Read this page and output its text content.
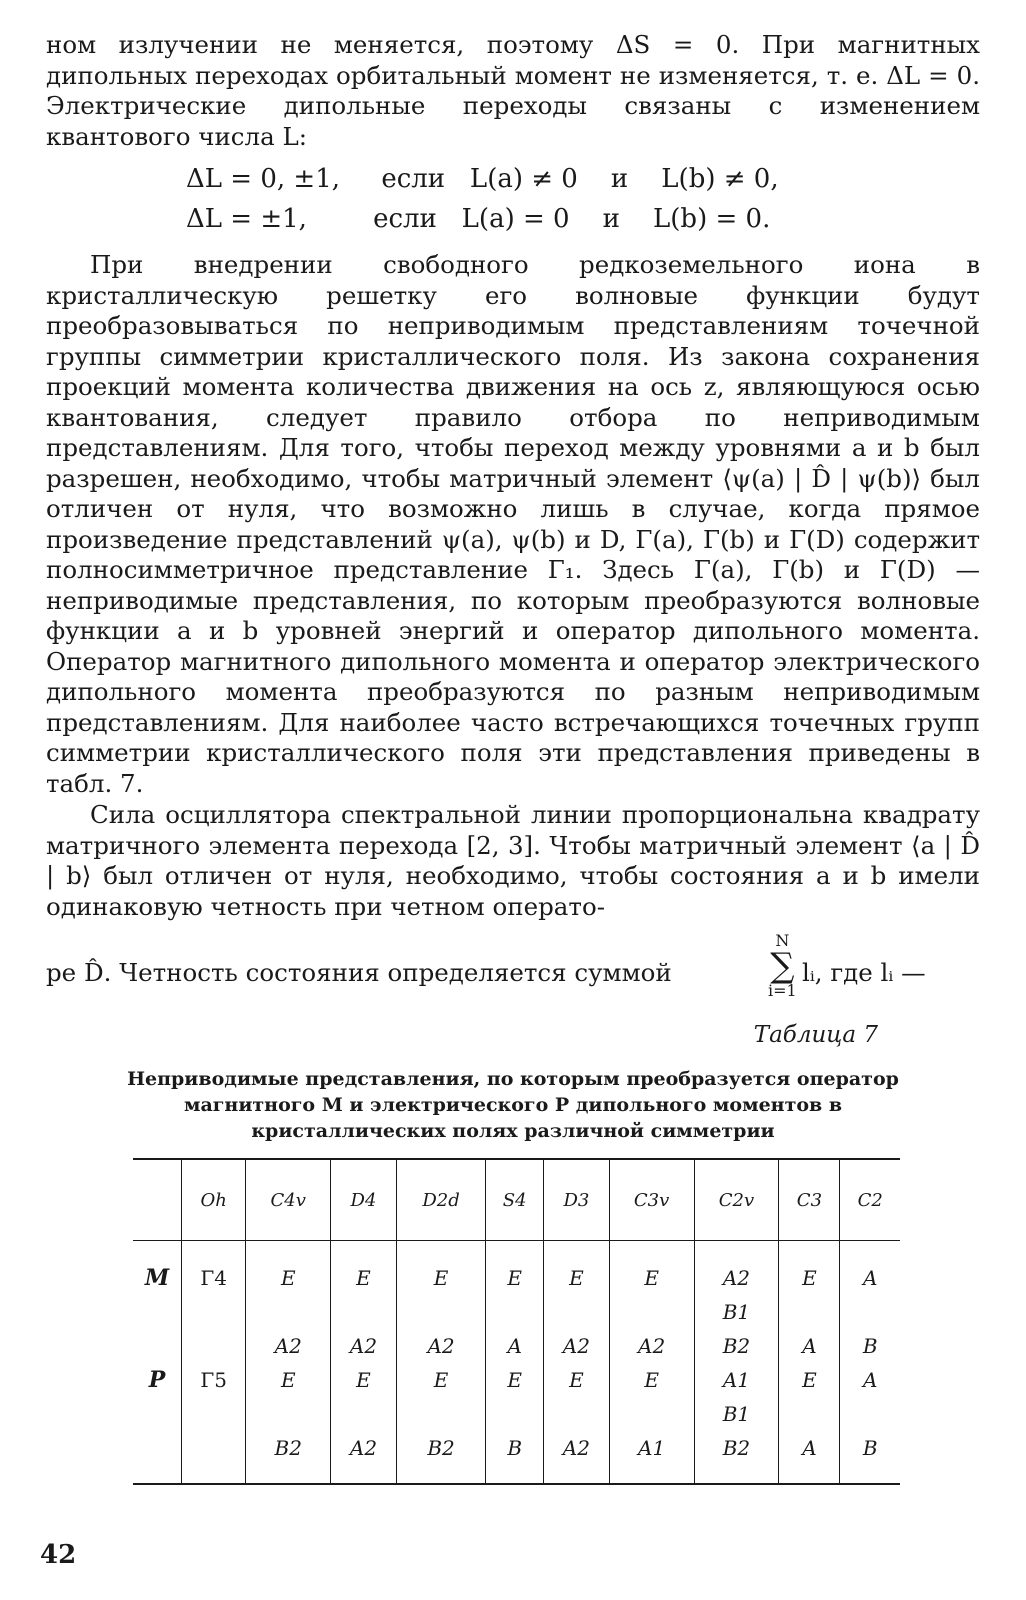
ном излучении не меняется, поэтому ΔS = 0. При магнитных дипольных переходах орбитальный момент не изменяется, т. е. ΔL = 0. Электрические дипольные переходы связаны с изменением квантового числа L:

ΔL = 0, ±1,     если   L(a) ≠ 0    и    L(b) ≠ 0,
ΔL = ±1,        если   L(a) = 0    и    L(b) = 0.

При внедрении свободного редкоземельного иона в кристаллическую решетку его волновые функции будут преобразовываться по неприводимым представлениям точечной группы симметрии кристаллического поля. Из закона сохранения проекций момента количества движения на ось z, являющуюся осью квантования, следует правило отбора по неприводимым представлениям. Для того, чтобы переход между уровнями a и b был разрешен, необходимо, чтобы матричный элемент ⟨ψ(a) | D̂ | ψ(b)⟩ был отличен от нуля, что возможно лишь в случае, когда прямое произведение представлений ψ(a), ψ(b) и D, Γ(a), Γ(b) и Γ(D) содержит полносимметричное представление Γ₁. Здесь Γ(a), Γ(b) и Γ(D) — неприводимые представления, по которым преобразуются волновые функции a и b уровней энергий и оператор дипольного момента. Оператор магнитного дипольного момента и оператор электрического дипольного момента преобразуются по разным неприводимым представлениям. Для наиболее часто встречающихся точечных групп симметрии кристаллического поля эти представления приведены в табл. 7.

Сила осциллятора спектральной линии пропорциональна квадрату матричного элемента перехода [2, 3]. Чтобы матричный элемент ⟨a | D̂ | b⟩ был отличен от нуля, необходимо, чтобы состояния a и b имели одинаковую четность при четном операто-

ре D̂. Четность состояния определяется суммой
N
∑
i=1
lᵢ, где lᵢ —
Таблица 7
Неприводимые представления, по которым преобразуется оператор магнитного M и электрического P дипольного моментов в кристаллических полях различной симметрии
	Oh	C4v	D4	D2d	S4	D3	C3v	C2v	C3	C2
M	Γ4	E	E	E	E	E	E	A2	E	A
								B1		
		A2	A2	A2	A	A2	A2	B2	A	B
P	Γ5	E	E	E	E	E	E	A1	E	A
								B1		
		B2	A2	B2	B	A2	A1	B2	A	B
42
